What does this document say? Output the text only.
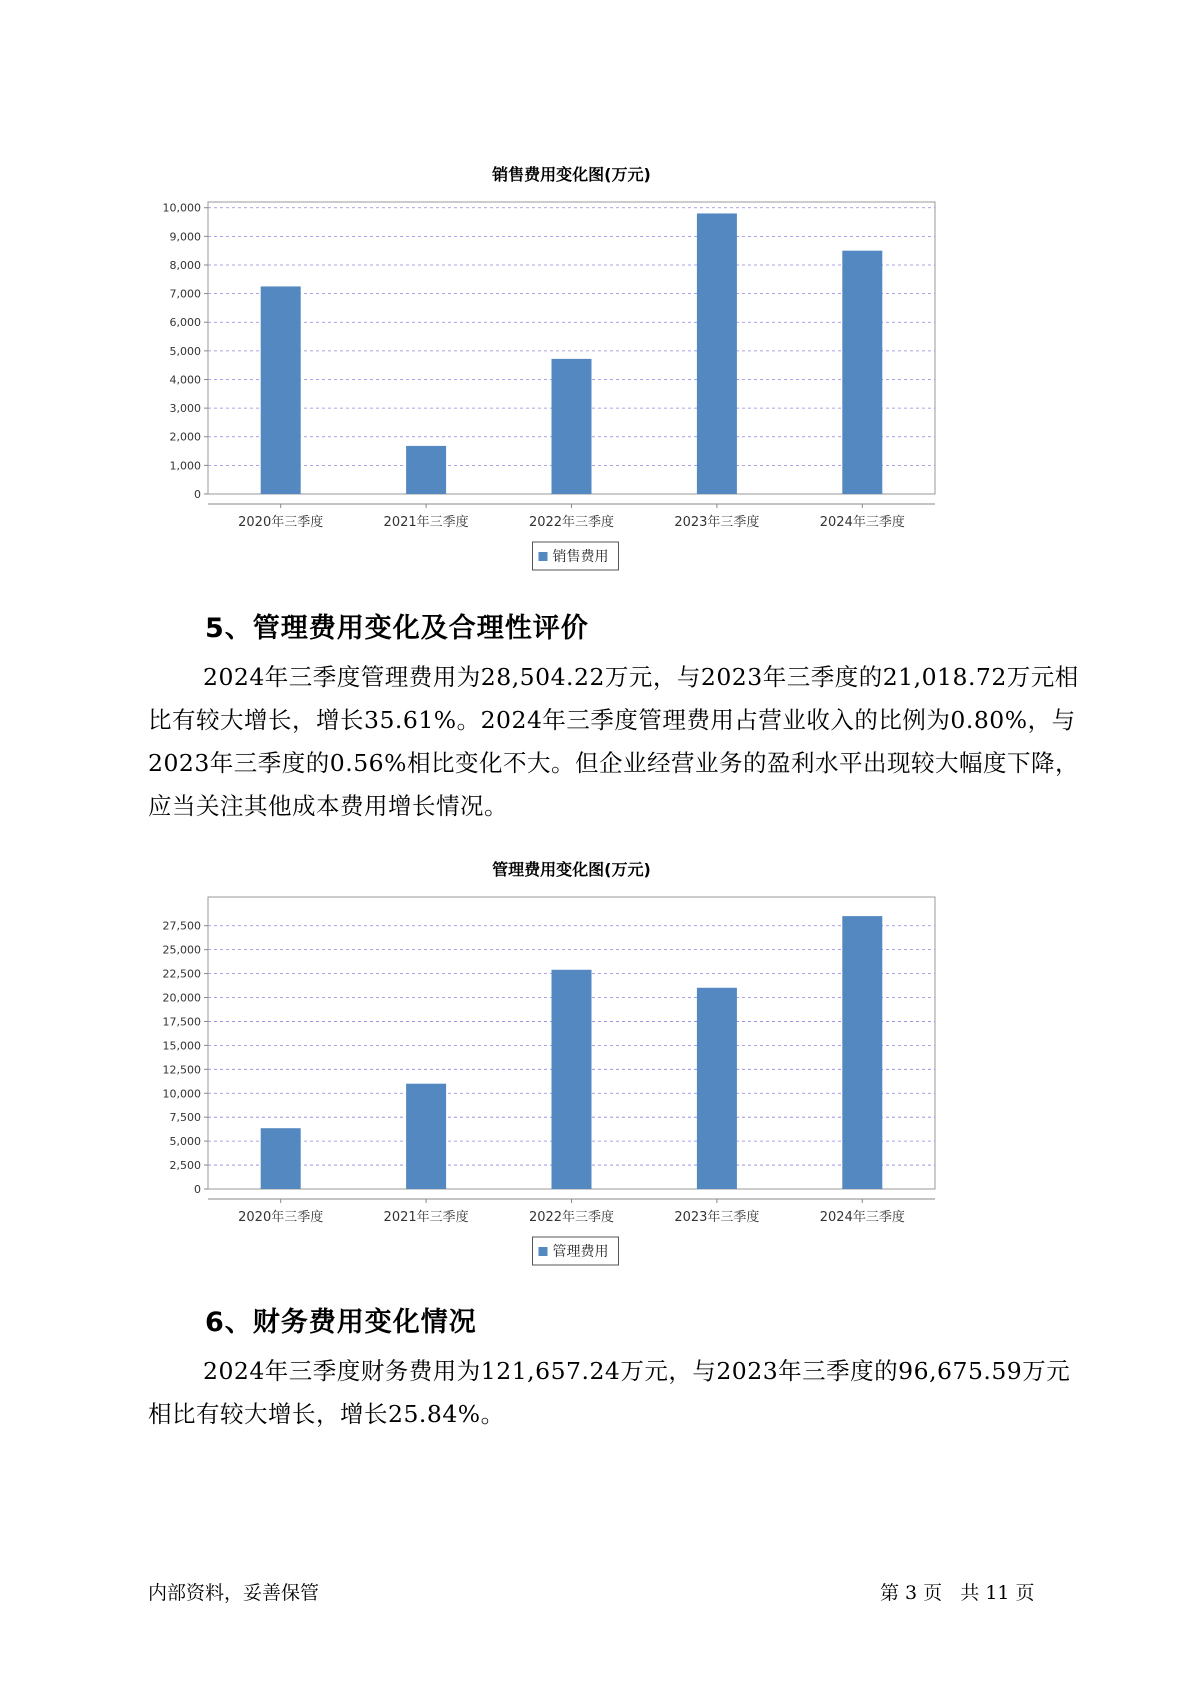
销售费用变化图(万元)
0
1,000
2,000
3,000
4,000
5,000
6,000
7,000
8,000
9,000
10,000
2020年三季度	2021年三季度	2022年三季度	2023年三季度	2024年三季度
销售费用
5、管理费用变化及合理性评价

2024年三季度管理费用为28,504.22万元，与2023年三季度的21,018.72万元相比有较大增长，增长35.61%。2024年三季度管理费用占营业收入的比例为0.80%，与2023年三季度的0.56%相比变化不大。但企业经营业务的盈利水平出现较大幅度下降，应当关注其他成本费用增长情况。

管理费用变化图(万元)
0
2,500
5,000
7,500
10,000
12,500
15,000
17,500
20,000
22,500
25,000
27,500
2020年三季度	2021年三季度	2022年三季度	2023年三季度	2024年三季度
管理费用
6、财务费用变化情况

2024年三季度财务费用为121,657.24万元，与2023年三季度的96,675.59万元相比有较大增长，增长25.84%。

内部资料，妥善保管	第 3 页   共 11 页
